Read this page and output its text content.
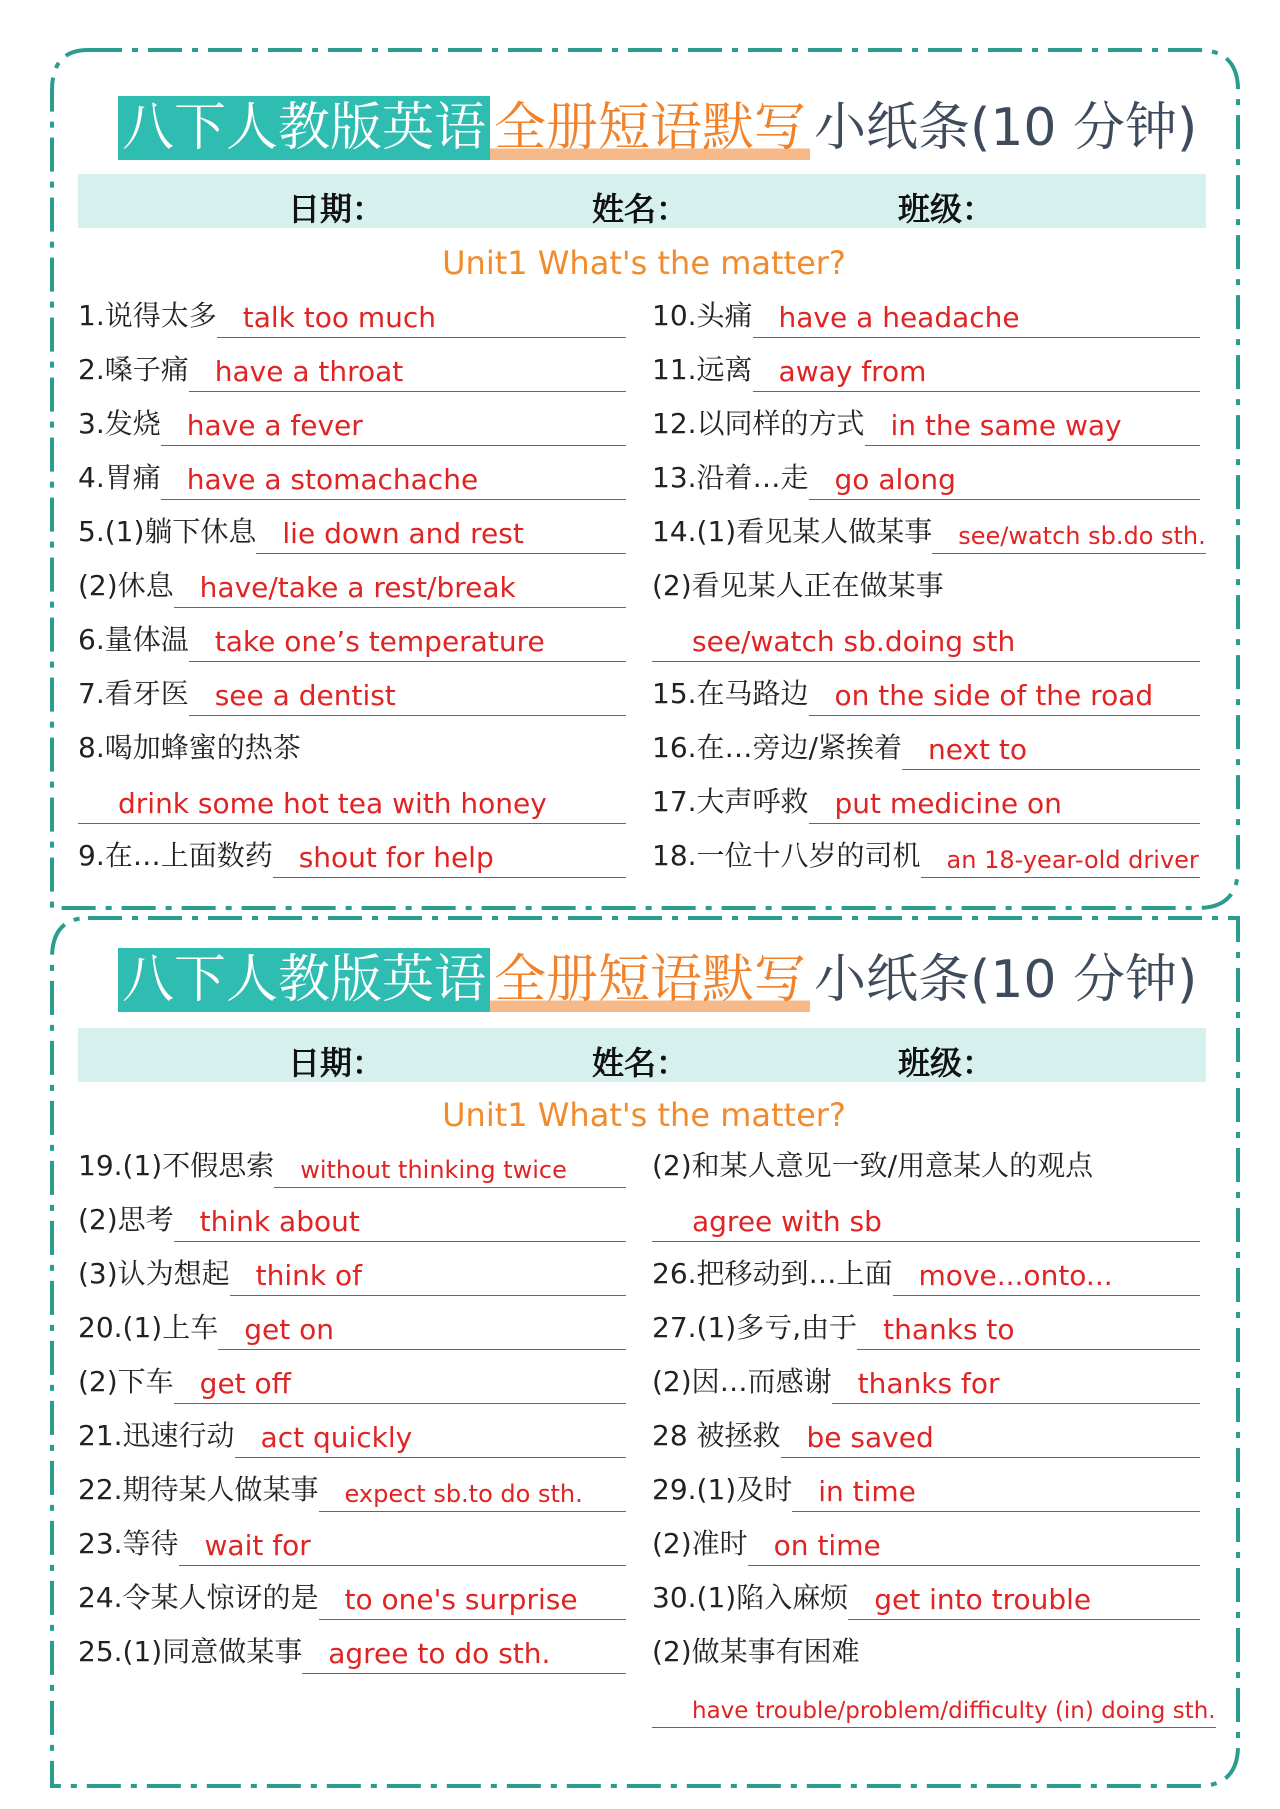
八下人教版英语 全册短语默写 小纸条(10 分钟)
日期：	姓名：	班级：
Unit1 What's the matter?
1.说得太多 talk too much
2.嗓子痛 have a throat
3.发烧 have a fever
4.胃痛 have a stomachache
5.(1)躺下休息 lie down and rest
(2)休息 have/take a rest/break
6.量体温 take one’s temperature
7.看牙医 see a dentist
8.喝加蜂蜜的热茶
drink some hot tea with honey
9.在…上面数药 shout for help
10.头痛 have a headache
11.远离 away from
12.以同样的方式 in the same way
13.沿着…走 go along
14.(1)看见某人做某事	see/watch sb.do sth.
(2)看见某人正在做某事
see/watch sb.doing sth
15.在马路边 on the side of the road
16.在…旁边/紧挨着 next to
17.大声呼救 put medicine on
18.一位十八岁的司机	an 18-year-old driver
八下人教版英语 全册短语默写 小纸条(10 分钟)
日期：	姓名：	班级：
Unit1 What's the matter?
19.(1)不假思索	without thinking twice
(2)思考 think about
(3)认为想起 think of
20.(1)上车 get on
(2)下车 get off
21.迅速行动 act quickly
22.期待某人做某事	expect sb.to do sth.
23.等待 wait for
24.令某人惊讶的是 to one's surprise
25.(1)同意做某事 agree to do sth.
(2)和某人意见一致/用意某人的观点
agree with sb
26.把移动到…上面 move...onto...
27.(1)多亏,由于 thanks to
(2)因…而感谢 thanks for
28 被拯救 be saved
29.(1)及时 in time
(2)准时 on time
30.(1)陷入麻烦 get into trouble
(2)做某事有困难
have trouble/problem/difficulty (in) doing sth.
